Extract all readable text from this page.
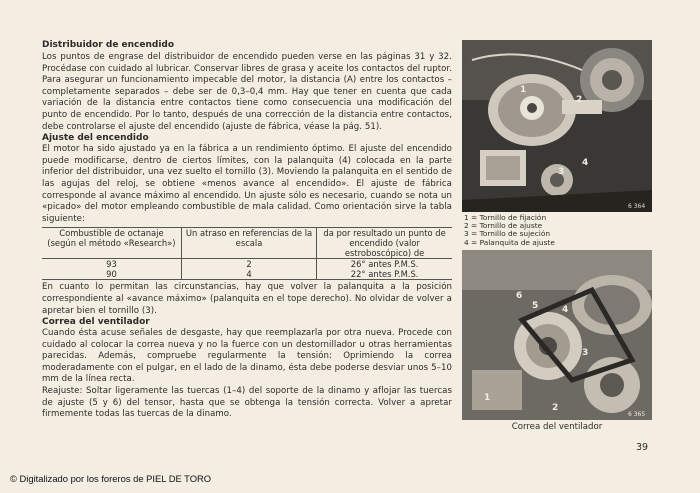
Distribuidor de encendido

Los puntos de engrase del distribuidor de encendido pueden verse en las páginas 31 y 32. Procédase con cuidado al lubricar. Conservar libres de grasa y aceite los contactos del ruptor. Para asegurar un funcionamiento impecable del motor, la distancia (A) entre los contactos – completamente separados – debe ser de 0,3–0,4 mm. Hay que tener en cuenta que cada variación de la distancia entre contactos tiene como consecuencia una modificación del punto de encendido. Por lo tanto, después de una corrección de la distancia entre contactos, debe controlarse el ajuste del encendido (ajuste de fábrica, véase la pág. 51).

Ajuste del encendido

El motor ha sido ajustado ya en la fábrica a un rendimiento óptimo. El ajuste del encendido puede modificarse, dentro de ciertos límites, con la palanquita (4) colocada en la parte inferior del distribuidor, una vez suelto el tornillo (3). Moviendo la palanquita en el sentido de las agujas del reloj, se obtiene «menos avance al encendido». El ajuste de fábrica corresponde al avance máximo al encendido. Un ajuste sólo es necesario, cuando se nota un «picado» del motor empleando combustible de mala calidad. Como orientación sirve la tabla siguiente:

Combustible de octanaje (según el método «Research»)	Un atraso en referencias de la escala	da por resultado un punto de encendido (valor estroboscópico) de
93	2	26° antes P.M.S.
90	4	22° antes P.M.S.

En cuanto lo permitan las circunstancias, hay que volver la palanquita a la posición correspondiente al «avance máximo» (palanquita en el tope derecho). No olvidar de volver a apretar bien el tornillo (3).

Correa del ventilador

Cuando ésta acuse señales de desgaste, hay que reemplazarla por otra nueva. Procede con cuidado al colocar la correa nueva y no la fuerce con un destornillador u otras herramientas parecidas. Además, compruebe regularmente la tensión: Oprimiendo la correa moderadamente con el pulgar, en el lado de la dinamo, ésta debe poderse desviar unos 5–10 mm de la línea recta.

Reajuste: Soltar ligeramente las tuercas (1–4) del soporte de la dinamo y aflojar las tuercas de ajuste (5 y 6) del tensor, hasta que se obtenga la tensión correcta. Volver a apretar firmemente todas las tuercas de la dinamo.

1
2
3
4
6 364
1 = Tornillo de fijación
2 = Tornillo de ajuste
3 = Tornillo de sujeción
4 = Palanquita de ajuste
1
2
3
4
5
6
6 365
Correa del ventilador
39
© Digitalizado por los foreros de PIEL DE TORO
